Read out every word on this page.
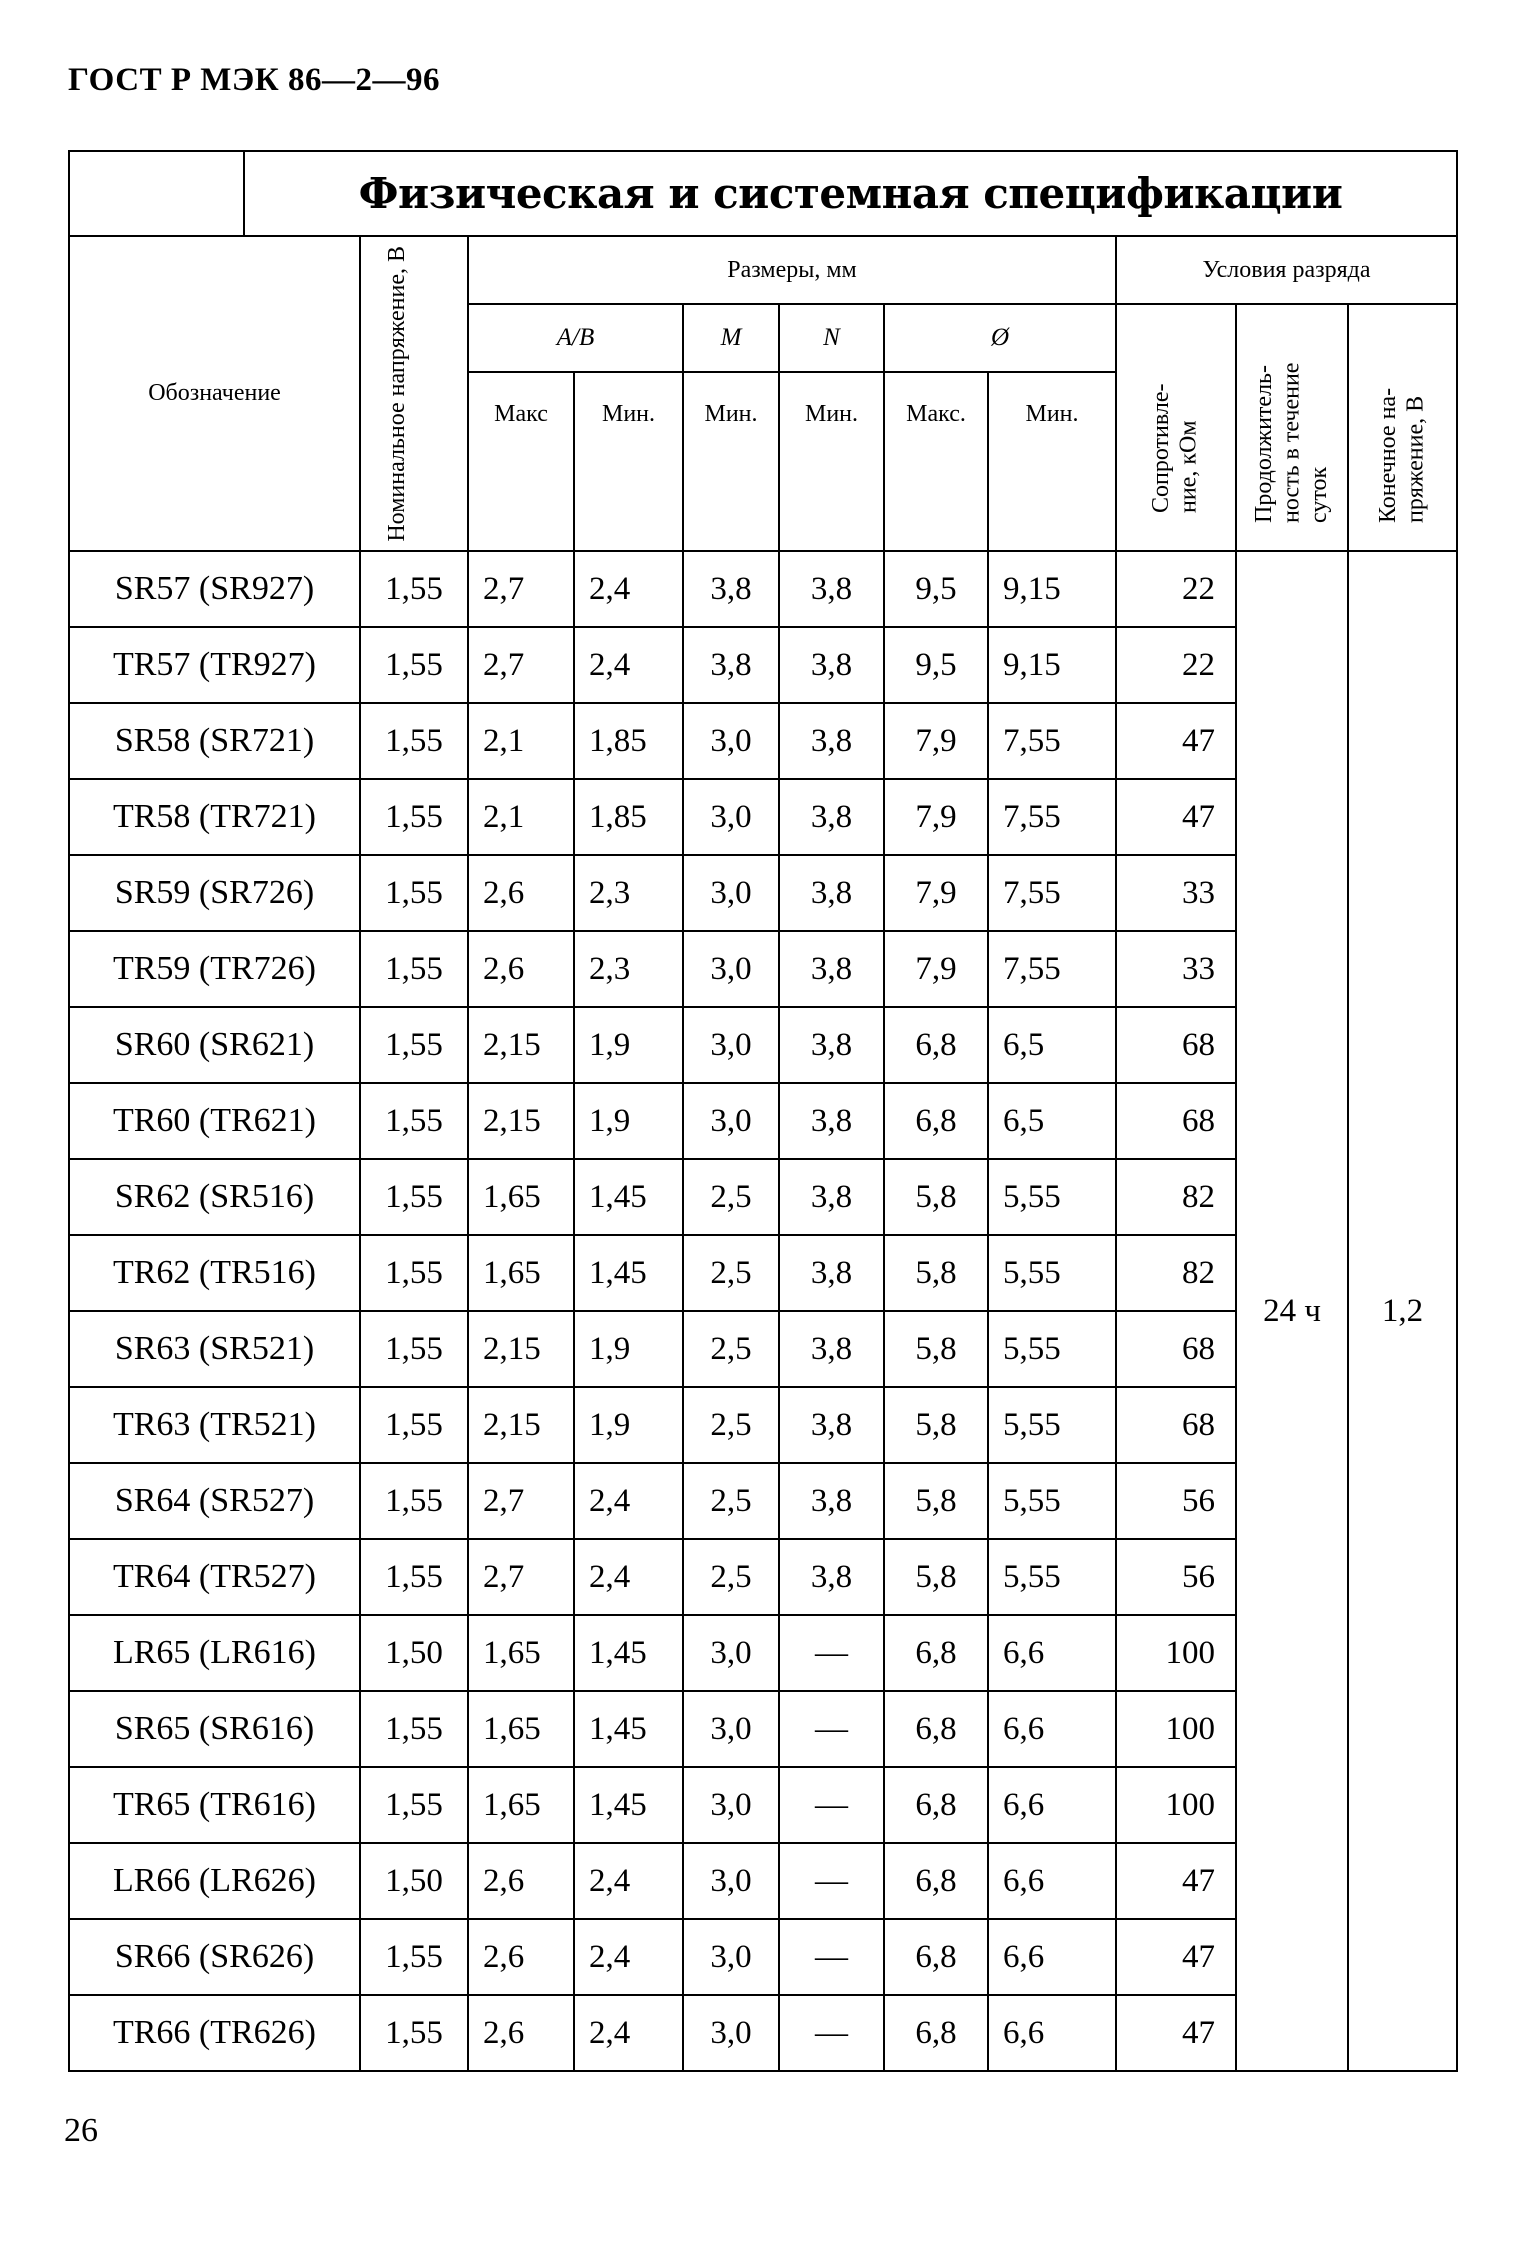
ГОСТ Р МЭК 86—2—96
	Физическая и системная спецификации										
Обозначение		Номинальное напряжение, В	Размеры, мм						Условия разряда		
			А/В		М	N	Ø		Сопротивле-ние, кОм	Продолжитель-ность в течение суток	Конечное на-пряжение, В

			Макс	Мин.	Мин.	Мин.	Макс.	Мин.			
SR57 (SR927)		1,55	2,7	2,4	3,8	3,8	9,5	9,15	22	24 ч	1,2
TR57 (TR927)		1,55	2,7	2,4	3,8	3,8	9,5	9,15	22		
SR58 (SR721)		1,55	2,1	1,85	3,0	3,8	7,9	7,55	47		
TR58 (TR721)		1,55	2,1	1,85	3,0	3,8	7,9	7,55	47		
SR59 (SR726)		1,55	2,6	2,3	3,0	3,8	7,9	7,55	33		
TR59 (TR726)		1,55	2,6	2,3	3,0	3,8	7,9	7,55	33		
SR60 (SR621)		1,55	2,15	1,9	3,0	3,8	6,8	6,5	68		
TR60 (TR621)		1,55	2,15	1,9	3,0	3,8	6,8	6,5	68		
SR62 (SR516)		1,55	1,65	1,45	2,5	3,8	5,8	5,55	82		
TR62 (TR516)		1,55	1,65	1,45	2,5	3,8	5,8	5,55	82		
SR63 (SR521)		1,55	2,15	1,9	2,5	3,8	5,8	5,55	68		
TR63 (TR521)		1,55	2,15	1,9	2,5	3,8	5,8	5,55	68		
SR64 (SR527)		1,55	2,7	2,4	2,5	3,8	5,8	5,55	56		
TR64 (TR527)		1,55	2,7	2,4	2,5	3,8	5,8	5,55	56		
LR65 (LR616)		1,50	1,65	1,45	3,0	—	6,8	6,6	100		
SR65 (SR616)		1,55	1,65	1,45	3,0	—	6,8	6,6	100		
TR65 (TR616)		1,55	1,65	1,45	3,0	—	6,8	6,6	100		
LR66 (LR626)		1,50	2,6	2,4	3,0	—	6,8	6,6	47		
SR66 (SR626)		1,55	2,6	2,4	3,0	—	6,8	6,6	47		
TR66 (TR626)		1,55	2,6	2,4	3,0	—	6,8	6,6	47		
26
